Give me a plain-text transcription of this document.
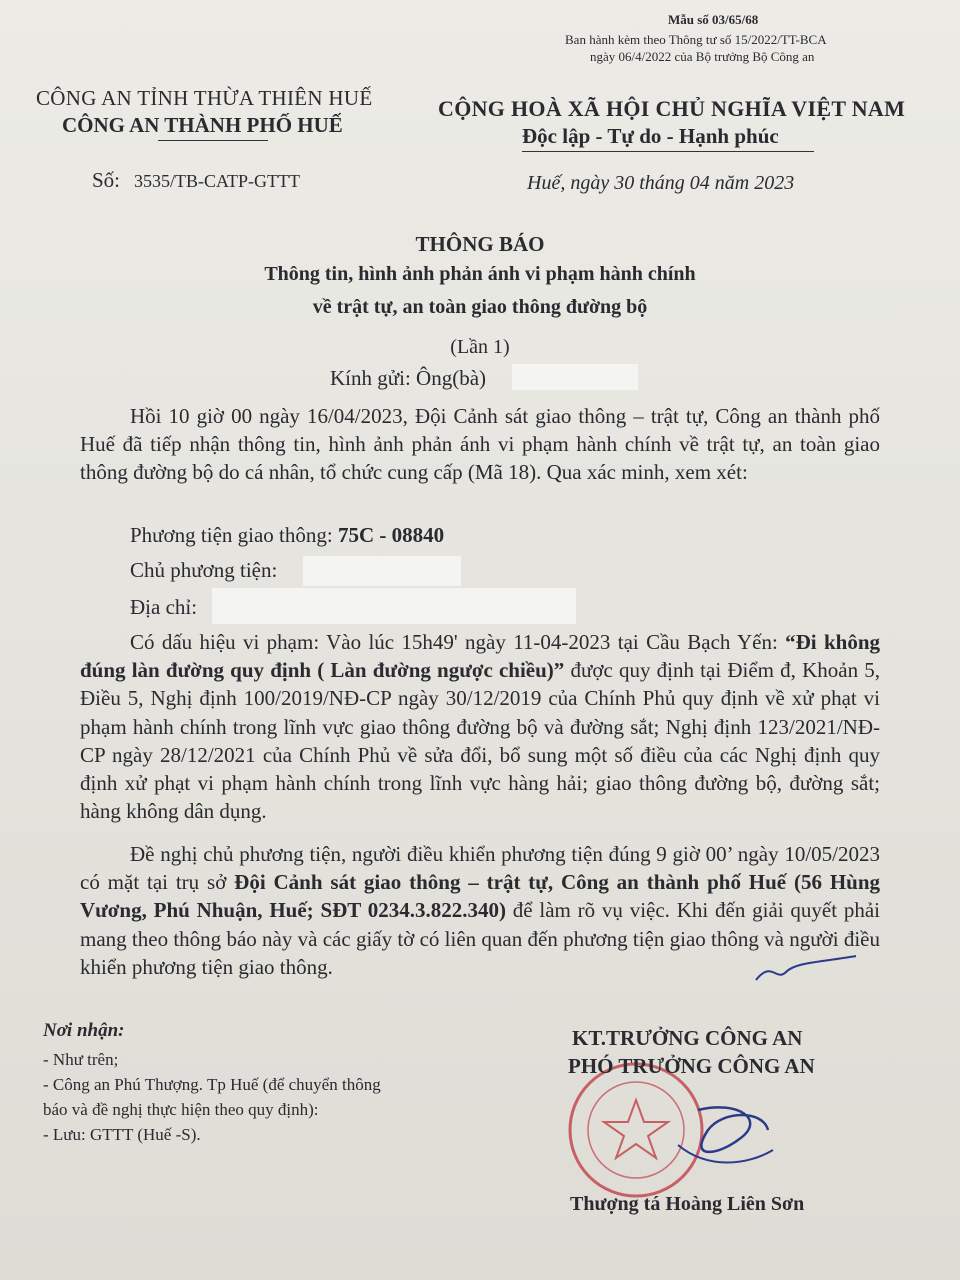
Mẫu số 03/65/68
Ban hành kèm theo Thông tư số 15/2022/TT-BCA
ngày 06/4/2022 của Bộ trưởng Bộ Công an
CÔNG AN TỈNH THỪA THIÊN HUẾ
CÔNG AN THÀNH PHỐ HUẾ
Số: 3535/TB-CATP-GTTT
CỘNG HOÀ XÃ HỘI CHỦ NGHĨA VIỆT NAM
Độc lập - Tự do - Hạnh phúc
Huế, ngày 30 tháng 04 năm 2023
THÔNG BÁO
Thông tin, hình ảnh phản ánh vi phạm hành chính
về trật tự, an toàn giao thông đường bộ
(Lần 1)
Kính gửi: Ông(bà)
Hồi 10 giờ 00 ngày 16/04/2023, Đội Cảnh sát giao thông – trật tự, Công an thành phố Huế đã tiếp nhận thông tin, hình ảnh phản ánh vi phạm hành chính về trật tự, an toàn giao thông đường bộ do cá nhân, tổ chức cung cấp (Mã 18). Qua xác minh, xem xét:
Phương tiện giao thông: 75C - 08840
Chủ phương tiện:
Địa chỉ:
Có dấu hiệu vi phạm: Vào lúc 15h49' ngày 11-04-2023 tại Cầu Bạch Yến: “Đi không đúng làn đường quy định ( Làn đường ngược chiều)” được quy định tại Điểm đ, Khoản 5, Điều 5, Nghị định 100/2019/NĐ-CP ngày 30/12/2019 của Chính Phủ quy định về xử phạt vi phạm hành chính trong lĩnh vực giao thông đường bộ và đường sắt; Nghị định 123/2021/NĐ-CP ngày 28/12/2021 của Chính Phủ về sửa đổi, bổ sung một số điều của các Nghị định quy định xử phạt vi phạm hành chính trong lĩnh vực hàng hải; giao thông đường bộ, đường sắt; hàng không dân dụng.
Đề nghị chủ phương tiện, người điều khiển phương tiện đúng 9 giờ 00’ ngày 10/05/2023 có mặt tại trụ sở Đội Cảnh sát giao thông – trật tự, Công an thành phố Huế (56 Hùng Vương, Phú Nhuận, Huế; SĐT 0234.3.822.340) để làm rõ vụ việc. Khi đến giải quyết phải mang theo thông báo này và các giấy tờ có liên quan đến phương tiện giao thông và người điều khiển phương tiện giao thông.
Nơi nhận:
- Như trên;
- Công an Phú Thượng. Tp Huế (để chuyển thông
báo và đề nghị thực hiện theo quy định):
- Lưu: GTTT (Huế -S).
KT.TRƯỞNG CÔNG AN
PHÓ TRƯỞNG CÔNG AN
Thượng tá Hoàng Liên Sơn
